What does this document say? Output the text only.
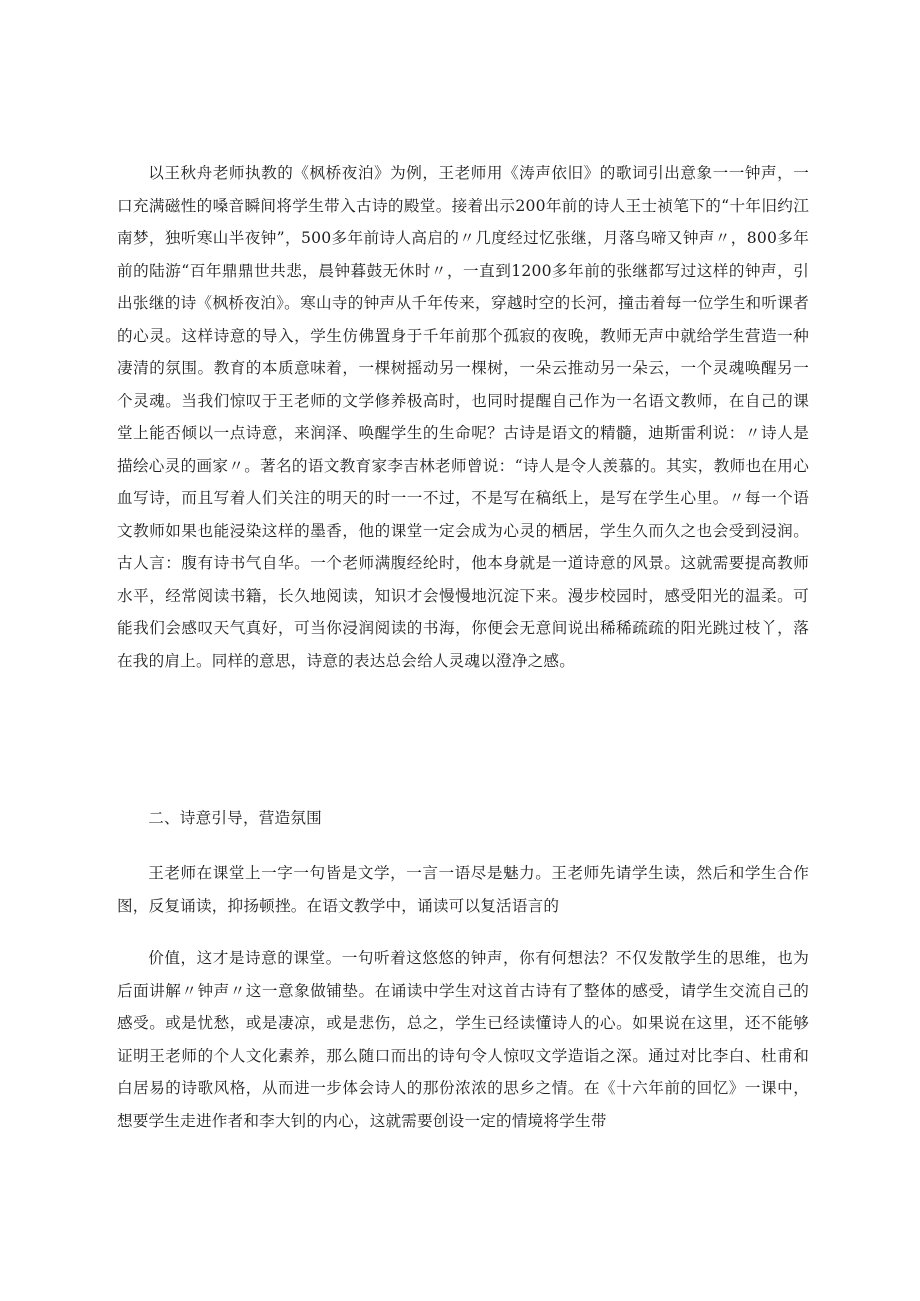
以王秋舟老师执教的《枫桥夜泊》为例，王老师用《涛声依旧》的歌词引出意象一一钟声，一口充满磁性的嗓音瞬间将学生带入古诗的殿堂。接着出示200年前的诗人王士祯笔下的“十年旧约江南梦，独听寒山半夜钟”，500多年前诗人高启的〃几度经过忆张继，月落乌啼又钟声〃，800多年前的陆游“百年鼎鼎世共悲，晨钟暮鼓无休时〃，一直到1200多年前的张继都写过这样的钟声，引出张继的诗《枫桥夜泊》。寒山寺的钟声从千年传来，穿越时空的长河，撞击着每一位学生和听课者的心灵。这样诗意的导入，学生仿佛置身于千年前那个孤寂的夜晚，教师无声中就给学生营造一种凄清的氛围。教育的本质意味着，一棵树摇动另一棵树，一朵云推动另一朵云，一个灵魂唤醒另一个灵魂。当我们惊叹于王老师的文学修养极高时，也同时提醒自己作为一名语文教师，在自己的课堂上能否倾以一点诗意，来润泽、唤醒学生的生命呢？古诗是语文的精髓，迪斯雷利说：〃诗人是描绘心灵的画家〃。著名的语文教育家李吉林老师曾说：“诗人是令人羡慕的。其实，教师也在用心血写诗，而且写着人们关注的明天的时一一不过，不是写在稿纸上，是写在学生心里。〃每一个语文教师如果也能浸染这样的墨香，他的课堂一定会成为心灵的栖居，学生久而久之也会受到浸润。古人言：腹有诗书气自华。一个老师满腹经纶时，他本身就是一道诗意的风景。这就需要提高教师水平，经常阅读书籍，长久地阅读，知识才会慢慢地沉淀下来。漫步校园时，感受阳光的温柔。可能我们会感叹天气真好，可当你浸润阅读的书海，你便会无意间说出稀稀疏疏的阳光跳过枝丫，落在我的肩上。同样的意思，诗意的表达总会给人灵魂以澄净之感。

二、诗意引导，营造氛围

王老师在课堂上一字一句皆是文学，一言一语尽是魅力。王老师先请学生读，然后和学生合作图，反复诵读，抑扬顿挫。在语文教学中，诵读可以复活语言的

价值，这才是诗意的课堂。一句听着这悠悠的钟声，你有何想法？不仅发散学生的思维，也为后面讲解〃钟声〃这一意象做铺垫。在诵读中学生对这首古诗有了整体的感受，请学生交流自己的感受。或是忧愁，或是凄凉，或是悲伤，总之，学生已经读懂诗人的心。如果说在这里，还不能够证明王老师的个人文化素养，那么随口而出的诗句令人惊叹文学造诣之深。通过对比李白、杜甫和白居易的诗歌风格，从而进一步体会诗人的那份浓浓的思乡之情。在《十六年前的回忆》一课中，想要学生走进作者和李大钊的内心，这就需要创设一定的情境将学生带
